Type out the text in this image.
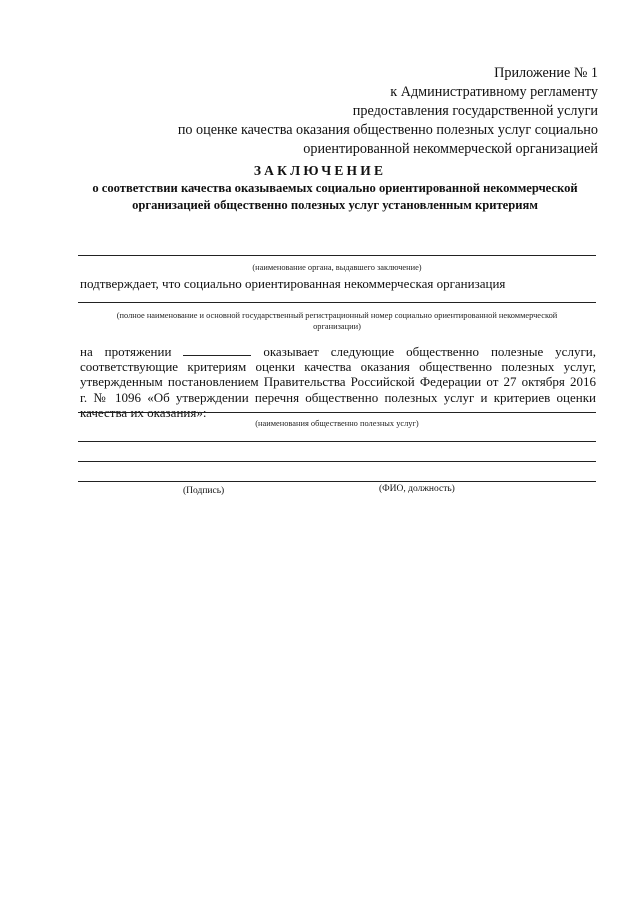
Приложение № 1
к Административному регламенту
предоставления государственной услуги
по оценке качества оказания общественно полезных услуг социально
ориентированной некоммерческой организацией
ЗАКЛЮЧЕНИЕ
о соответствии качества оказываемых социально ориентированной некоммерческой
организацией общественно полезных услуг установленным критериям
(наименование органа, выдавшего заключение)
подтверждает, что социально ориентированная некоммерческая организация
(полное наименование и основной государственный регистрационный номер социально ориентированной некоммерческой
организации)
на протяжении	оказывает следующие общественно полезные услуги,
соответствующие критериям оценки качества оказания общественно полезных услуг,
утвержденным постановлением Правительства Российской Федерации от 27 октября 2016
г. № 1096 «Об утверждении перечня общественно полезных услуг и критериев оценки
качества их оказания»:
(наименования общественно полезных услуг)
(Подпись)	(ФИО, должность)
